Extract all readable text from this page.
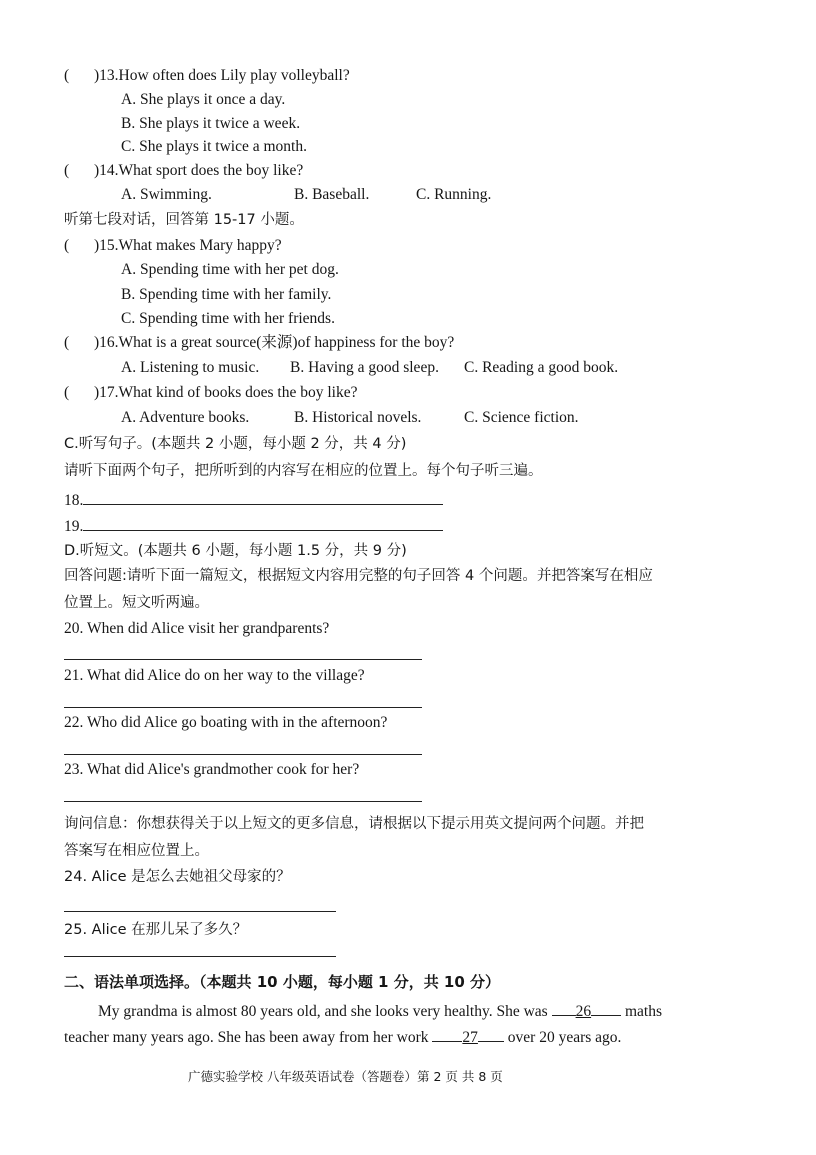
( )13.How often does Lily play volleyball?
A. She plays it once a day.
B. She plays it twice a week.
C. She plays it twice a month.
( )14.What sport does the boy like?
A. Swimming.	B. Baseball.	C. Running.
听第七段对话，回答第 15-17 小题。
( )15.What makes Mary happy?
A. Spending time with her pet dog.
B. Spending time with her family.
C. Spending time with her friends.
( )16.What is a great source(来源)of happiness for the boy?
A. Listening to music. B. Having a good sleep. C. Reading a good book.
( )17.What kind of books does the boy like?
A. Adventure books.	B. Historical novels.	C. Science fiction.
C.听写句子。(本题共 2 小题，每小题 2 分，共 4 分)
请听下面两个句子，把所听到的内容写在相应的位置上。每个句子听三遍。
18.
19.
D.听短文。(本题共 6 小题，每小题 1.5 分，共 9 分)
回答问题:请听下面一篇短文，根据短文内容用完整的句子回答 4 个问题。并把答案写在相应
位置上。短文听两遍。
20. When did Alice visit her grandparents?
21. What did Alice do on her way to the village?
22. Who did Alice go boating with in the afternoon?
23. What did Alice's grandmother cook for her?
询问信息：你想获得关于以上短文的更多信息，请根据以下提示用英文提问两个问题。并把
答案写在相应位置上。
24. Alice 是怎么去她祖父母家的？
25. Alice 在那儿呆了多久？
二、语法单项选择。（本题共 10 小题，每小题 1 分，共 10 分）
My grandma is almost 80 years old, and she looks very healthy. She was 26 maths
teacher many years ago. She has been away from her work 27 over 20 years ago.
广德实验学校 八年级英语试卷（答题卷）第 2 页 共 8 页
